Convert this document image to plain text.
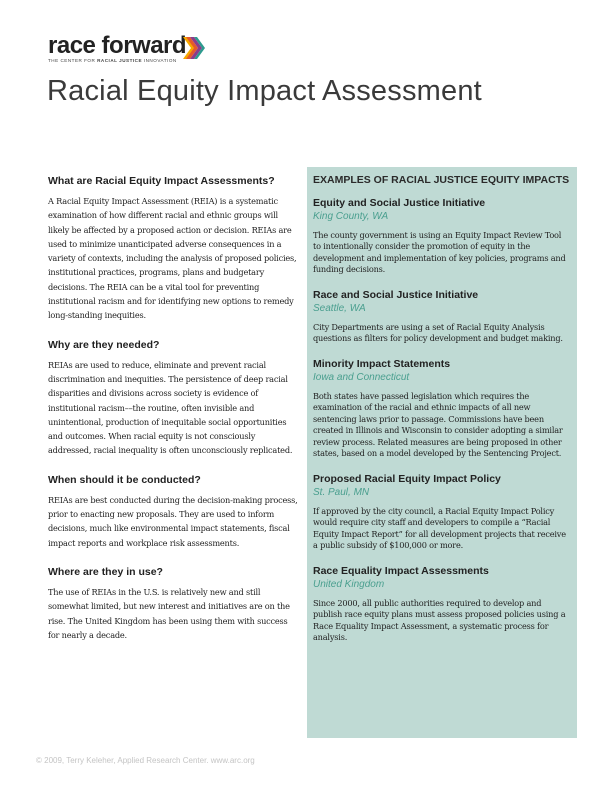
race forward
THE CENTER FOR RACIAL JUSTICE INNOVATION
Racial Equity Impact Assessment
What are Racial Equity Impact Assessments?

A Racial Equity Impact Assessment (REIA) is a systematic examination of how different racial and ethnic groups will likely be affected by a proposed action or decision. REIAs are used to minimize unanticipated adverse consequences in a variety of contexts, including the analysis of proposed policies, institutional practices, programs, plans and budgetary decisions. The REIA can be a vital tool for preventing institutional racism and for identifying new options to remedy long-standing inequities.

Why are they needed?

REIAs are used to reduce, eliminate and prevent racial discrimination and inequities. The persistence of deep racial disparities and divisions across society is evidence of institutional racism––the routine, often invisible and unintentional, production of inequitable social opportunities and outcomes. When racial equity is not consciously addressed, racial inequality is often unconsciously replicated.

When should it be conducted?

REIAs are best conducted during the decision-making process, prior to enacting new proposals. They are used to inform decisions, much like environmental impact statements, fiscal impact reports and workplace risk assessments.

Where are they in use?

The use of REIAs in the U.S. is relatively new and still somewhat limited, but new interest and initiatives are on the rise. The United Kingdom has been using them with success for nearly a decade.

EXAMPLES OF RACIAL JUSTICE EQUITY IMPACTS
Equity and Social Justice Initiative
King County, WA

The county government is using an Equity Impact Review Tool to intentionally consider the promotion of equity in the development and implementation of key policies, programs and funding decisions.

Race and Social Justice Initiative
Seattle, WA

City Departments are using a set of Racial Equity Analysis questions as filters for policy development and budget making.

Minority Impact Statements
Iowa and Connecticut

Both states have passed legislation which requires the examination of the racial and ethnic impacts of all new sentencing laws prior to passage. Commissions have been created in Illinois and Wisconsin to consider adopting a similar review process. Related measures are being proposed in other states, based on a model developed by the Sentencing Project.

Proposed Racial Equity Impact Policy
St. Paul, MN

If approved by the city council, a Racial Equity Impact Policy would require city staff and developers to compile a “Racial Equity Impact Report” for all development projects that receive a public subsidy of $100,000 or more.

Race Equality Impact Assessments
United Kingdom

Since 2000, all public authorities required to develop and publish race equity plans must assess proposed policies using a Race Equality Impact Assessment, a systematic process for analysis.

© 2009, Terry Keleher, Applied Research Center. www.arc.org
